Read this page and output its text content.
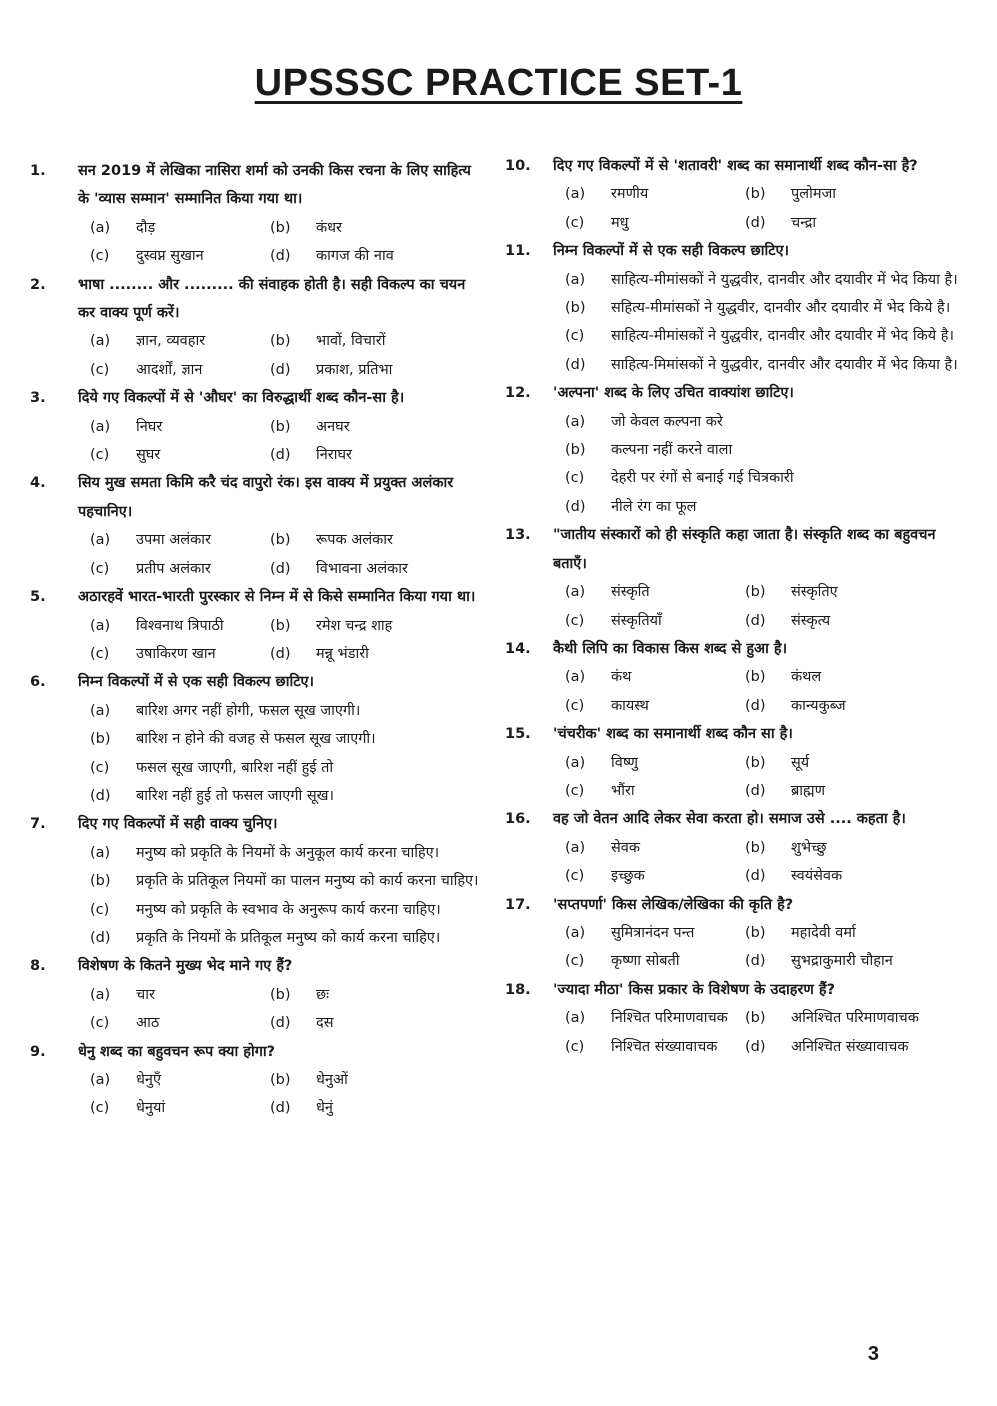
UPSSSC PRACTICE SET-1
1. सन 2019 में लेखिका नासिरा शर्मा को उनकी किस रचना के लिए साहित्य के 'व्यास सम्मान' सम्मानित किया गया था।
(a)	दौड़	(b)	कंधर
(c)	दुस्वप्न सुखान	(d)	कागज की नाव
2. भाषा ........ और ......... की संवाहक होती है। सही विकल्प का चयन कर वाक्य पूर्ण करें।
(a)	ज्ञान, व्यवहार	(b)	भावों, विचारों
(c)	आदर्शों, ज्ञान	(d)	प्रकाश, प्रतिभा
3. दिये गए विकल्पों में से 'औघर' का विरुद्धार्थी शब्द कौन-सा है।
(a)	निघर	(b)	अनघर
(c)	सुघर	(d)	निराघर
4. सिय मुख समता किमि करै चंद वापुरो रंक। इस वाक्य में प्रयुक्त अलंकार पहचानिए।
(a)	उपमा अलंकार	(b)	रूपक अलंकार
(c)	प्रतीप अलंकार	(d)	विभावना अलंकार
5. अठारहवें भारत-भारती पुरस्कार से निम्न में से किसे सम्मानित किया गया था।
(a)	विश्वनाथ त्रिपाठी	(b)	रमेश चन्द्र शाह
(c)	उषाकिरण खान	(d)	मन्नू भंडारी
6. निम्न विकल्पों में से एक सही विकल्प छाटिए।
(a)	बारिश अगर नहीं होगी, फसल सूख जाएगी।
(b)	बारिश न होने की वजह से फसल सूख जाएगी।
(c)	फसल सूख जाएगी, बारिश नहीं हुई तो
(d)	बारिश नहीं हुई तो फसल जाएगी सूख।
7. दिए गए विकल्पों में सही वाक्य चुनिए।
(a)	मनुष्य को प्रकृति के नियमों के अनुकूल कार्य करना चाहिए।
(b)	प्रकृति के प्रतिकूल नियमों का पालन मनुष्य को कार्य करना चाहिए।
(c)	मनुष्य को प्रकृति के स्वभाव के अनुरूप कार्य करना चाहिए।
(d)	प्रकृति के नियमों के प्रतिकूल मनुष्य को कार्य करना चाहिए।
8. विशेषण के कितने मुख्य भेद माने गए हैं?
(a)	चार	(b)	छः
(c)	आठ	(d)	दस
9. धेनु शब्द का बहुवचन रूप क्या होगा?
(a)	धेनुएँ	(b)	धेनुओं
(c)	धेनुयां	(d)	धेनुं
10. दिए गए विकल्पों में से 'शतावरी' शब्द का समानार्थी शब्द कौन-सा है?
(a)	रमणीय	(b)	पुलोमजा
(c)	मधु	(d)	चन्द्रा
11. निम्न विकल्पों में से एक सही विकल्प छाटिए।
(a)	साहित्य-मीमांसकों ने युद्धवीर, दानवीर और दयावीर में भेद किया है।
(b)	सहित्य-मीमांसकों ने युद्धवीर, दानवीर और दयावीर में भेद किये है।
(c)	साहित्य-मीमांसकों ने युद्धवीर, दानवीर और दयावीर में भेद किये है।
(d)	साहित्य-मिमांसकों ने युद्धवीर, दानवीर और दयावीर में भेद किया है।
12. 'अल्पना' शब्द के लिए उचित वाक्यांश छाटिए।
(a)	जो केवल कल्पना करे
(b)	कल्पना नहीं करने वाला
(c)	देहरी पर रंगों से बनाई गई चित्रकारी
(d)	नीले रंग का फूल
13. "जातीय संस्कारों को ही संस्कृति कहा जाता है। संस्कृति शब्द का बहुवचन बताएँ।
(a)	संस्कृति	(b)	संस्कृतिए
(c)	संस्कृतियाँ	(d)	संस्कृत्य
14. कैथी लिपि का विकास किस शब्द से हुआ है।
(a)	कंथ	(b)	कंथल
(c)	कायस्थ	(d)	कान्यकुब्ज
15. 'चंचरीक' शब्द का समानार्थी शब्द कौन सा है।
(a)	विष्णु	(b)	सूर्य
(c)	भौंरा	(d)	ब्राह्मण
16. वह जो वेतन आदि लेकर सेवा करता हो। समाज उसे .... कहता है।
(a)	सेवक	(b)	शुभेच्छु
(c)	इच्छुक	(d)	स्वयंसेवक
17. 'सप्तपर्णा' किस लेखिक/लेखिका की कृति है?
(a)	सुमित्रानंदन पन्त	(b)	महादेवी वर्मा
(c)	कृष्णा सोबती	(d)	सुभद्राकुमारी चौहान
18. 'ज्यादा मीठा' किस प्रकार के विशेषण के उदाहरण हैं?
(a)	निश्चित परिमाणवाचक (b)	अनिश्चित परिमाणवाचक
(c)	निश्चित संख्यावाचक (d)	अनिश्चित संख्यावाचक
3
